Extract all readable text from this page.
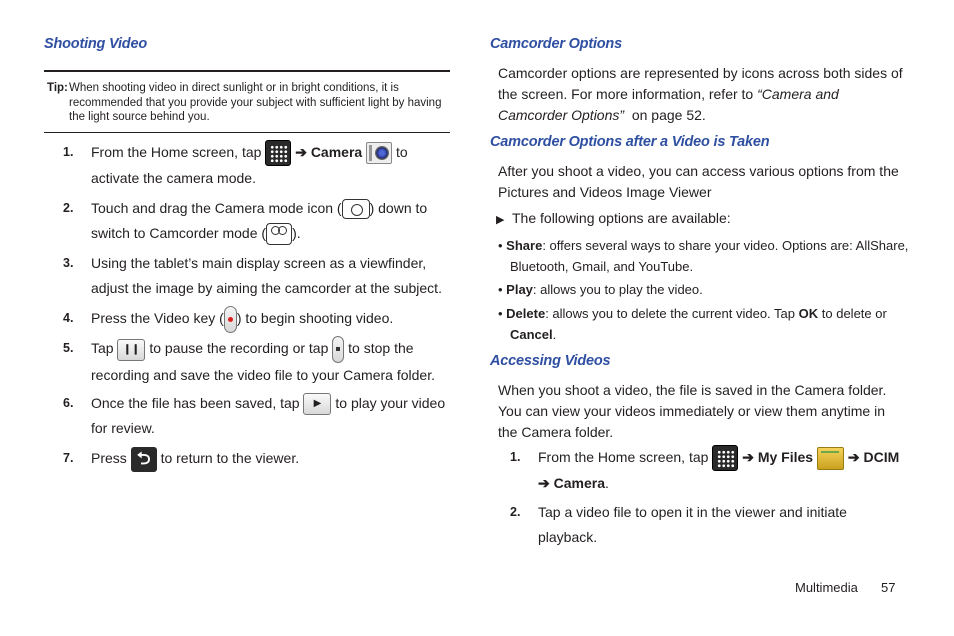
Shooting Video
Tip: When shooting video in direct sunlight or in bright conditions, it is recommended that you provide your subject with sufficient light by having the light source behind you.
1. From the Home screen, tap ➔ Camera to
activate the camera mode.
2. Touch and drag the Camera mode icon ( ) down to
switch to Camcorder mode ( ).
3. Using the tablet’s main display screen as a viewfinder,
adjust the image by aiming the camcorder at the subject.
4. Press the Video key ( ) to begin shooting video.
5. Tap ❙❙ to pause the recording or tap to stop the
recording and save the video file to your Camera folder.
6. Once the file has been saved, tap ▶ to play your video
for review.
7. Press ⮌ to return to the viewer.
Camcorder Options
Camcorder options are represented by icons across both sides of
the screen. For more information, refer to “Camera and
Camcorder Options” on page 52.
Camcorder Options after a Video is Taken
After you shoot a video, you can access various options from the
Pictures and Videos Image Viewer
▶ The following options are available:
• Share: offers several ways to share your video. Options are: AllShare,
Bluetooth, Gmail, and YouTube.
• Play: allows you to play the video.
• Delete: allows you to delete the current video. Tap OK to delete or
Cancel.
Accessing Videos
When you shoot a video, the file is saved in the Camera folder.
You can view your videos immediately or view them anytime in
the Camera folder.
1. From the Home screen, tap ➔ My Files ➔ DCIM
➔ Camera.
2. Tap a video file to open it in the viewer and initiate
playback.
Multimedia 57
